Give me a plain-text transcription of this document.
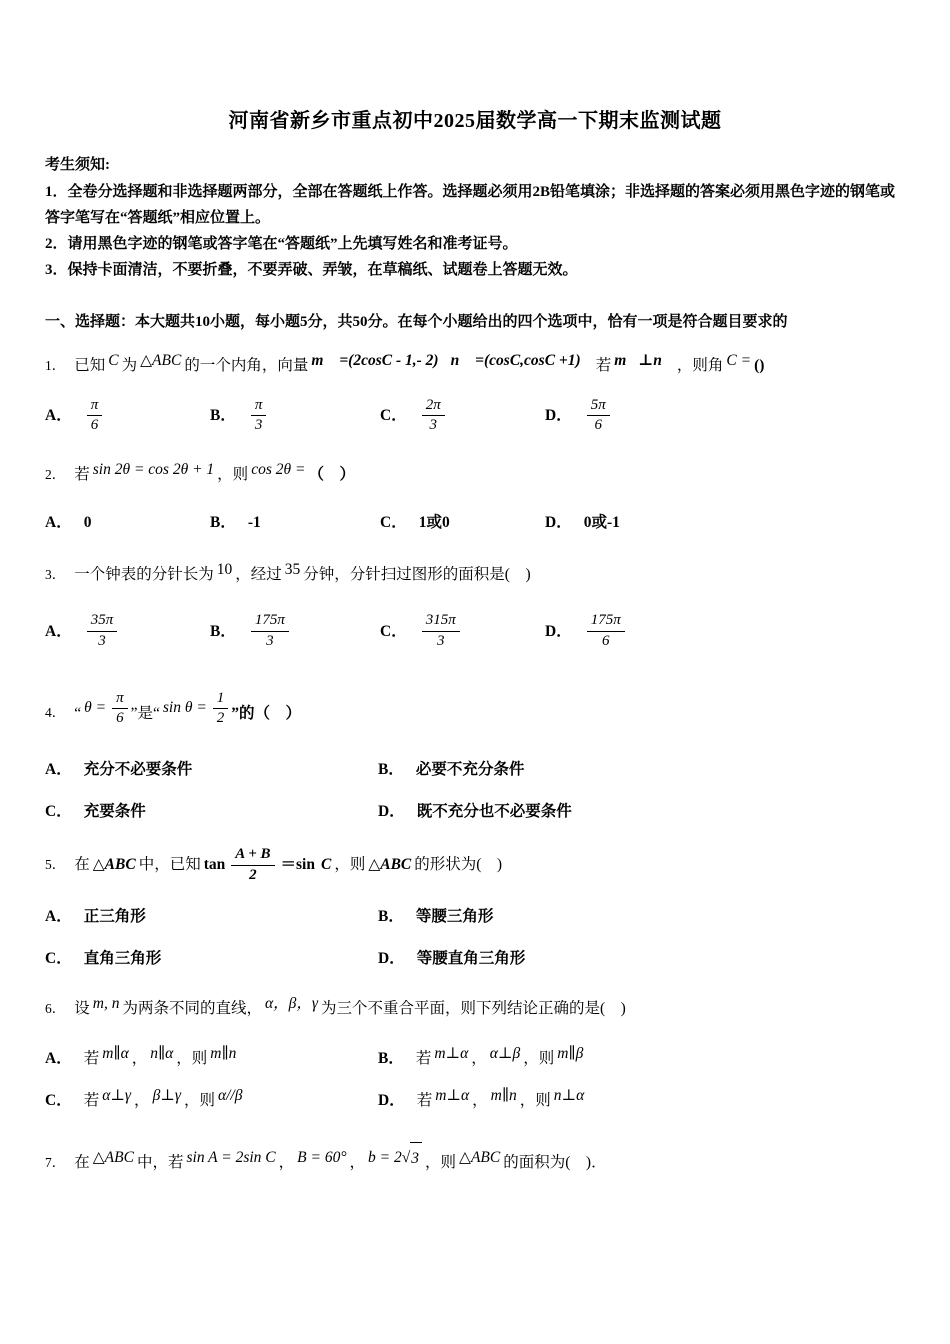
河南省新乡市重点初中2025届数学高一下期末监测试题
考生须知:
1．全卷分选择题和非选择题两部分，全部在答题纸上作答。选择题必须用2B铅笔填涂；非选择题的答案必须用黑色字迹的钢笔或答字笔写在“答题纸”相应位置上。
2．请用黑色字迹的钢笔或答字笔在“答题纸”上先填写姓名和准考证号。
3．保持卡面清洁，不要折叠，不要弄破、弄皱，在草稿纸、试题卷上答题无效。
一、选择题：本大题共10小题，每小题5分，共50分。在每个小题给出的四个选项中，恰有一项是符合题目要求的

1． 已知 C 为 △ABC 的一个内角，向量 m⃗ =(2cosC - 1,- 2)，n⃗ =(cosC,cosC +1)． 若 m⃗⊥n⃗ ，则角 C = ()

A． $\frac{\pi}{6}$	B． $\frac{\pi}{3}$	C． $\frac{2\pi}{3}$	D． $\frac{5\pi}{6}$

2． 若 sin 2θ = cos 2θ + 1 ，则 cos 2θ = （　）

A． 0	B． -1	C． 1或0	D． 0或-1

3． 一个钟表的分针长为 10 ，经过 35 分钟，分针扫过图形的面积是(　)

A． $\frac{35\pi}{3}$	B． $\frac{175\pi}{3}$	C． $\frac{315\pi}{3}$	D． $\frac{175\pi}{6}$

4． “ $\theta = \frac{\pi}{6}$ ”是“ $\sin \theta = \frac{1}{2}$ ”的（　）

A． 充分不必要条件	B． 必要不充分条件
C． 充要条件	D． 既不充分也不必要条件

5． 在 △ABC 中，已知 $\tan \frac{A + B}{2} =\sin$ C ，则 △ABC 的形状为(　)

A． 正三角形	B． 等腰三角形
C． 直角三角形	D． 等腰直角三角形

6． 设 m, n 为两条不同的直线， α，β，γ 为三个不重合平面，则下列结论正确的是(　)

A． 若 m∥α ， n∥α ，则 m∥n	B． 若 m⊥α ， α⊥β ，则 m∥β
C． 若 α⊥γ ， β⊥γ ，则 α//β	D． 若 m⊥α ， m∥n ，则 n⊥α

7． 在 △ABC 中，若 sin A = 2sin C ， B = 60° ， b = 2 √ 3 ，则 △ABC 的面积为(　)．
